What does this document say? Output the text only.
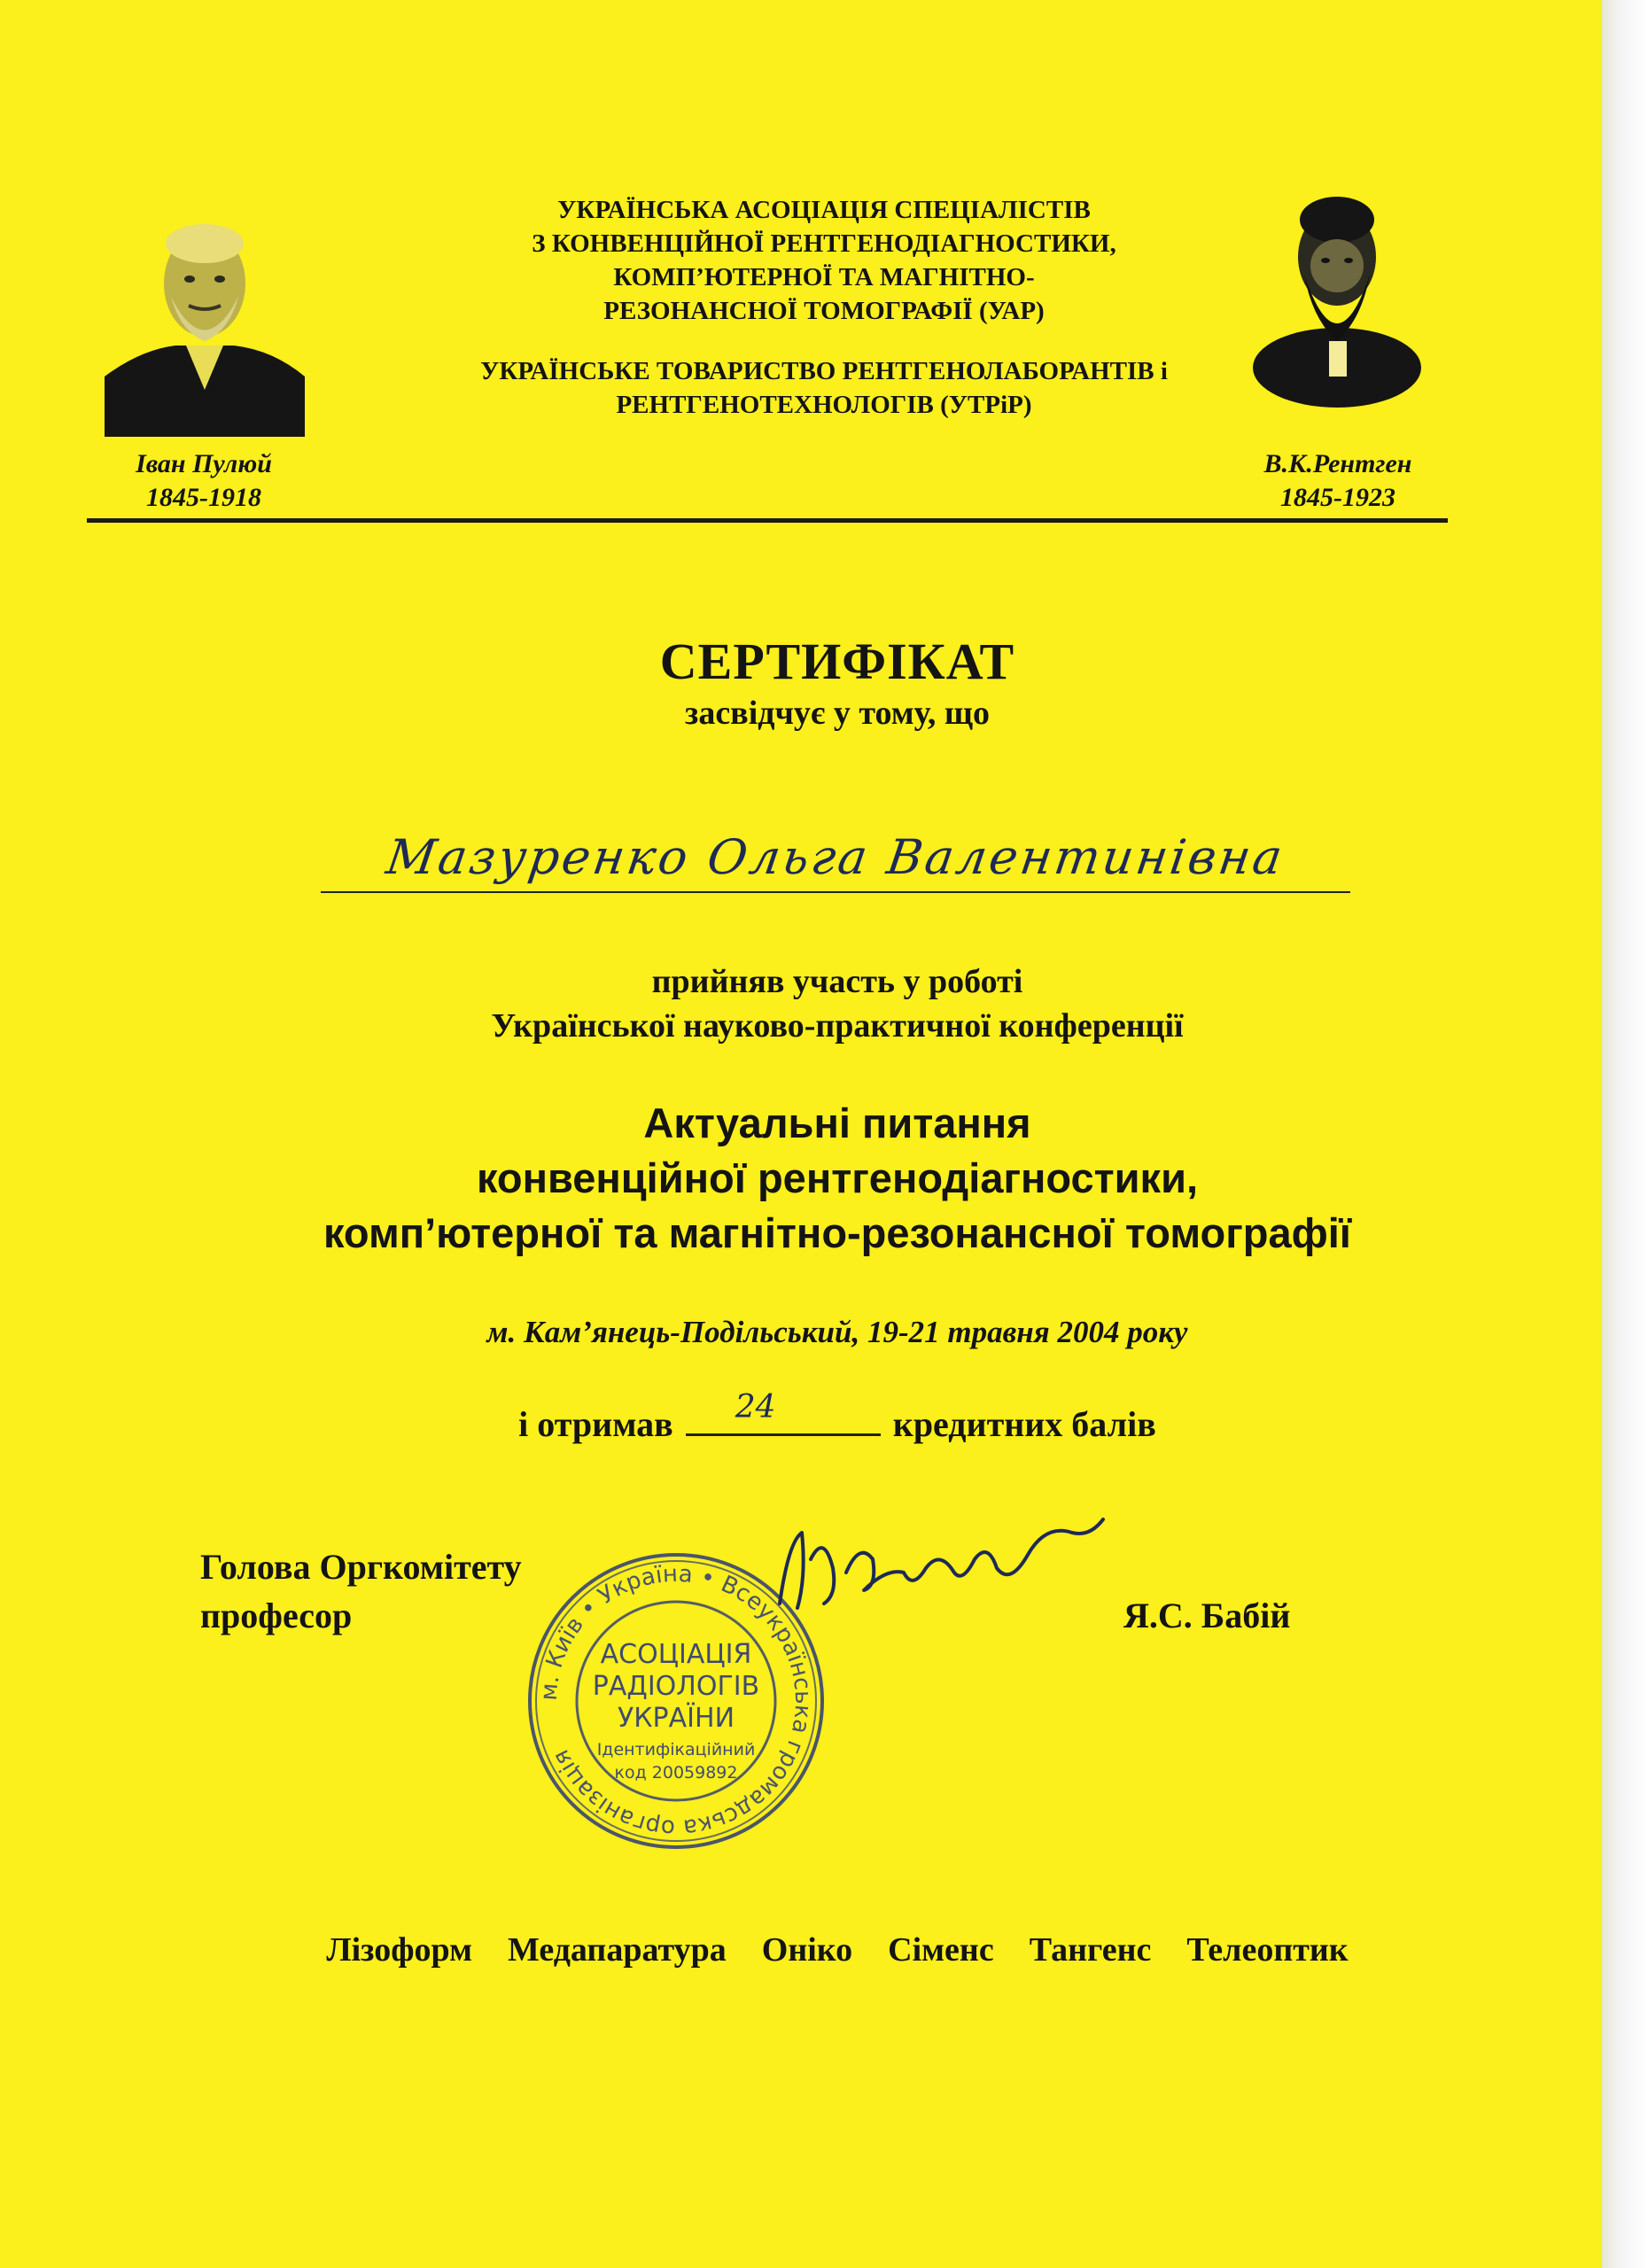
УКРАЇНСЬКА АСОЦІАЦІЯ СПЕЦІАЛІСТІВ
З КОНВЕНЦІЙНОЇ РЕНТГЕНОДІАГНОСТИКИ,
КОМП’ЮТЕРНОЇ ТА МАГНІТНО-
РЕЗОНАНСНОЇ ТОМОГРАФІЇ (УАР)
УКРАЇНСЬКЕ ТОВАРИСТВО РЕНТГЕНОЛАБОРАНТІВ і
РЕНТГЕНОТЕХНОЛОГІВ (УТРіР)
Іван Пулюй
1845-1918
В.К.Рентген
1845-1923
СЕРТИФІКАТ
засвідчує у тому, що
Мазуренко Ольга Валентинівна
прийняв участь у роботі
Української науково-практичної конференції
Актуальні питання
конвенційної рентгенодіагностики,
комп’ютерної та магнітно-резонансної томографії
м. Кам’янець-Подільський, 19-21 травня 2004 року
і отримав 24	кредитних балів
Голова Оргкомітету
професор	Я.С. Бабій
м. Київ • Україна • Всеукраїнська громадська організація
АСОЦІАЦІЯ
РАДІОЛОГІВ
УКРАЇНИ
Ідентифікаційний
код 20059892
Лізоформ Медапаратура Оніко Сіменс Тангенс Телеоптик
